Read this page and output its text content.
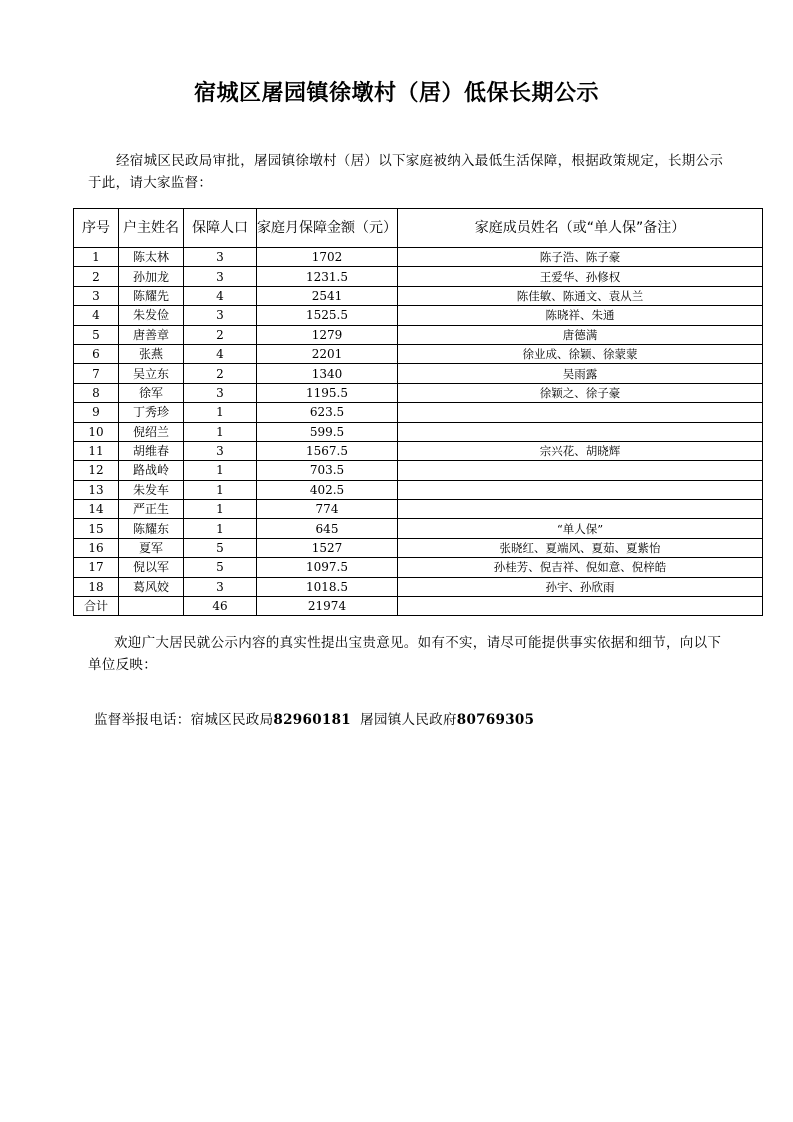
宿城区屠园镇徐墩村（居）低保长期公示
经宿城区民政局审批，屠园镇徐墩村（居）以下家庭被纳入最低生活保障，根据政策规定，长期公示于此，请大家监督：
序号	户主姓名	保障人口	家庭月保障金额（元）	家庭成员姓名（或“单人保”备注）
1	陈太林	3	1702	陈子浩、陈子豪
2	孙加龙	3	1231.5	王爱华、孙修权
3	陈耀先	4	2541	陈佳敏、陈通文、袁从兰
4	朱发俭	3	1525.5	陈晓祥、朱通
5	唐善章	2	1279	唐德满
6	张燕	4	2201	徐业成、徐颖、徐蒙蒙
7	吴立东	2	1340	吴雨露
8	徐军	3	1195.5	徐颖之、徐子豪
9	丁秀珍	1	623.5	
10	倪绍兰	1	599.5	
11	胡维春	3	1567.5	宗兴花、胡晓辉
12	路战岭	1	703.5	
13	朱发车	1	402.5	
14	严正生	1	774	
15	陈耀东	1	645	“单人保”
16	夏军	5	1527	张晓红、夏端风、夏茹、夏紫怡
17	倪以军	5	1097.5	孙桂芳、倪吉祥、倪如意、倪梓皓
18	葛风姣	3	1018.5	孙宇、孙欣雨
合计		46	21974	
欢迎广大居民就公示内容的真实性提出宝贵意见。如有不实，请尽可能提供事实依据和细节，向以下单位反映：
监督举报电话：宿城区民政局82960181 屠园镇人民政府80769305
